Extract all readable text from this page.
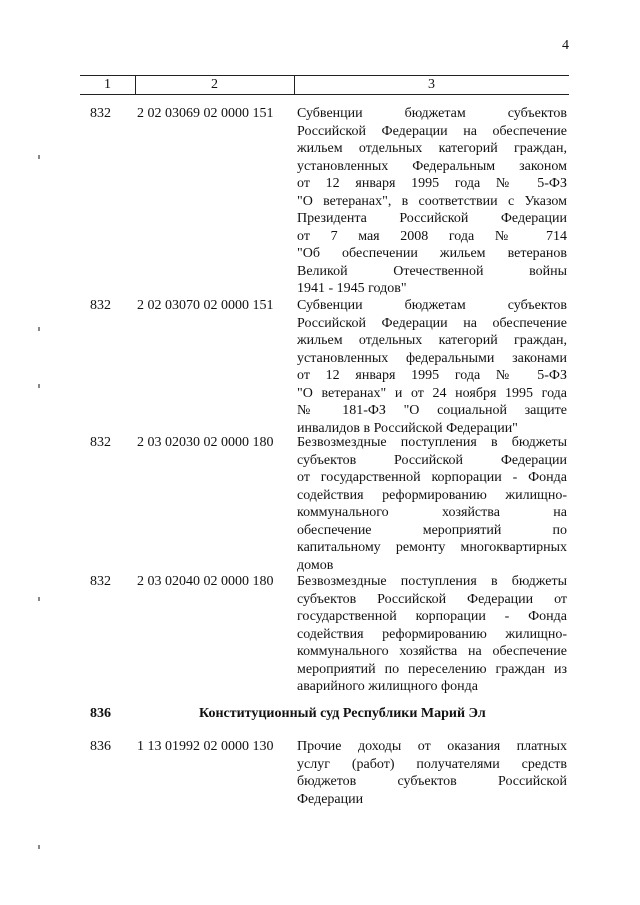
4
1	2	3
832 2 02 03069 02 0000 151 Субвенции бюджетам субъектов
Российской Федерации на обеспечение
жильем отдельных категорий граждан,
установленных Федеральным законом
от 12 января 1995 года № 5-ФЗ
"О ветеранах", в соответствии с Указом
Президента Российской Федерации
от 7 мая 2008 года № 714
"Об обеспечении жильем ветеранов
Великой Отечественной войны
1941 - 1945 годов"
832 2 02 03070 02 0000 151 Субвенции бюджетам субъектов
Российской Федерации на обеспечение
жильем отдельных категорий граждан,
установленных федеральными законами
от 12 января 1995 года № 5-ФЗ
"О ветеранах" и от 24 ноября 1995 года
№ 181-ФЗ "О социальной защите
инвалидов в Российской Федерации"
832 2 03 02030 02 0000 180 Безвозмездные поступления в бюджеты
субъектов Российской Федерации
от государственной корпорации - Фонда
содействия реформированию жилищно-
коммунального хозяйства на
обеспечение мероприятий по
капитальному ремонту многоквартирных
домов
832 2 03 02040 02 0000 180 Безвозмездные поступления в бюджеты
субъектов Российской Федерации от
государственной корпорации - Фонда
содействия реформированию жилищно-
коммунального хозяйства на обеспечение
мероприятий по переселению граждан из
аварийного жилищного фонда
836	Конституционный суд Республики Марий Эл
836 1 13 01992 02 0000 130 Прочие доходы от оказания платных
услуг (работ) получателями средств
бюджетов субъектов Российской
Федерации
